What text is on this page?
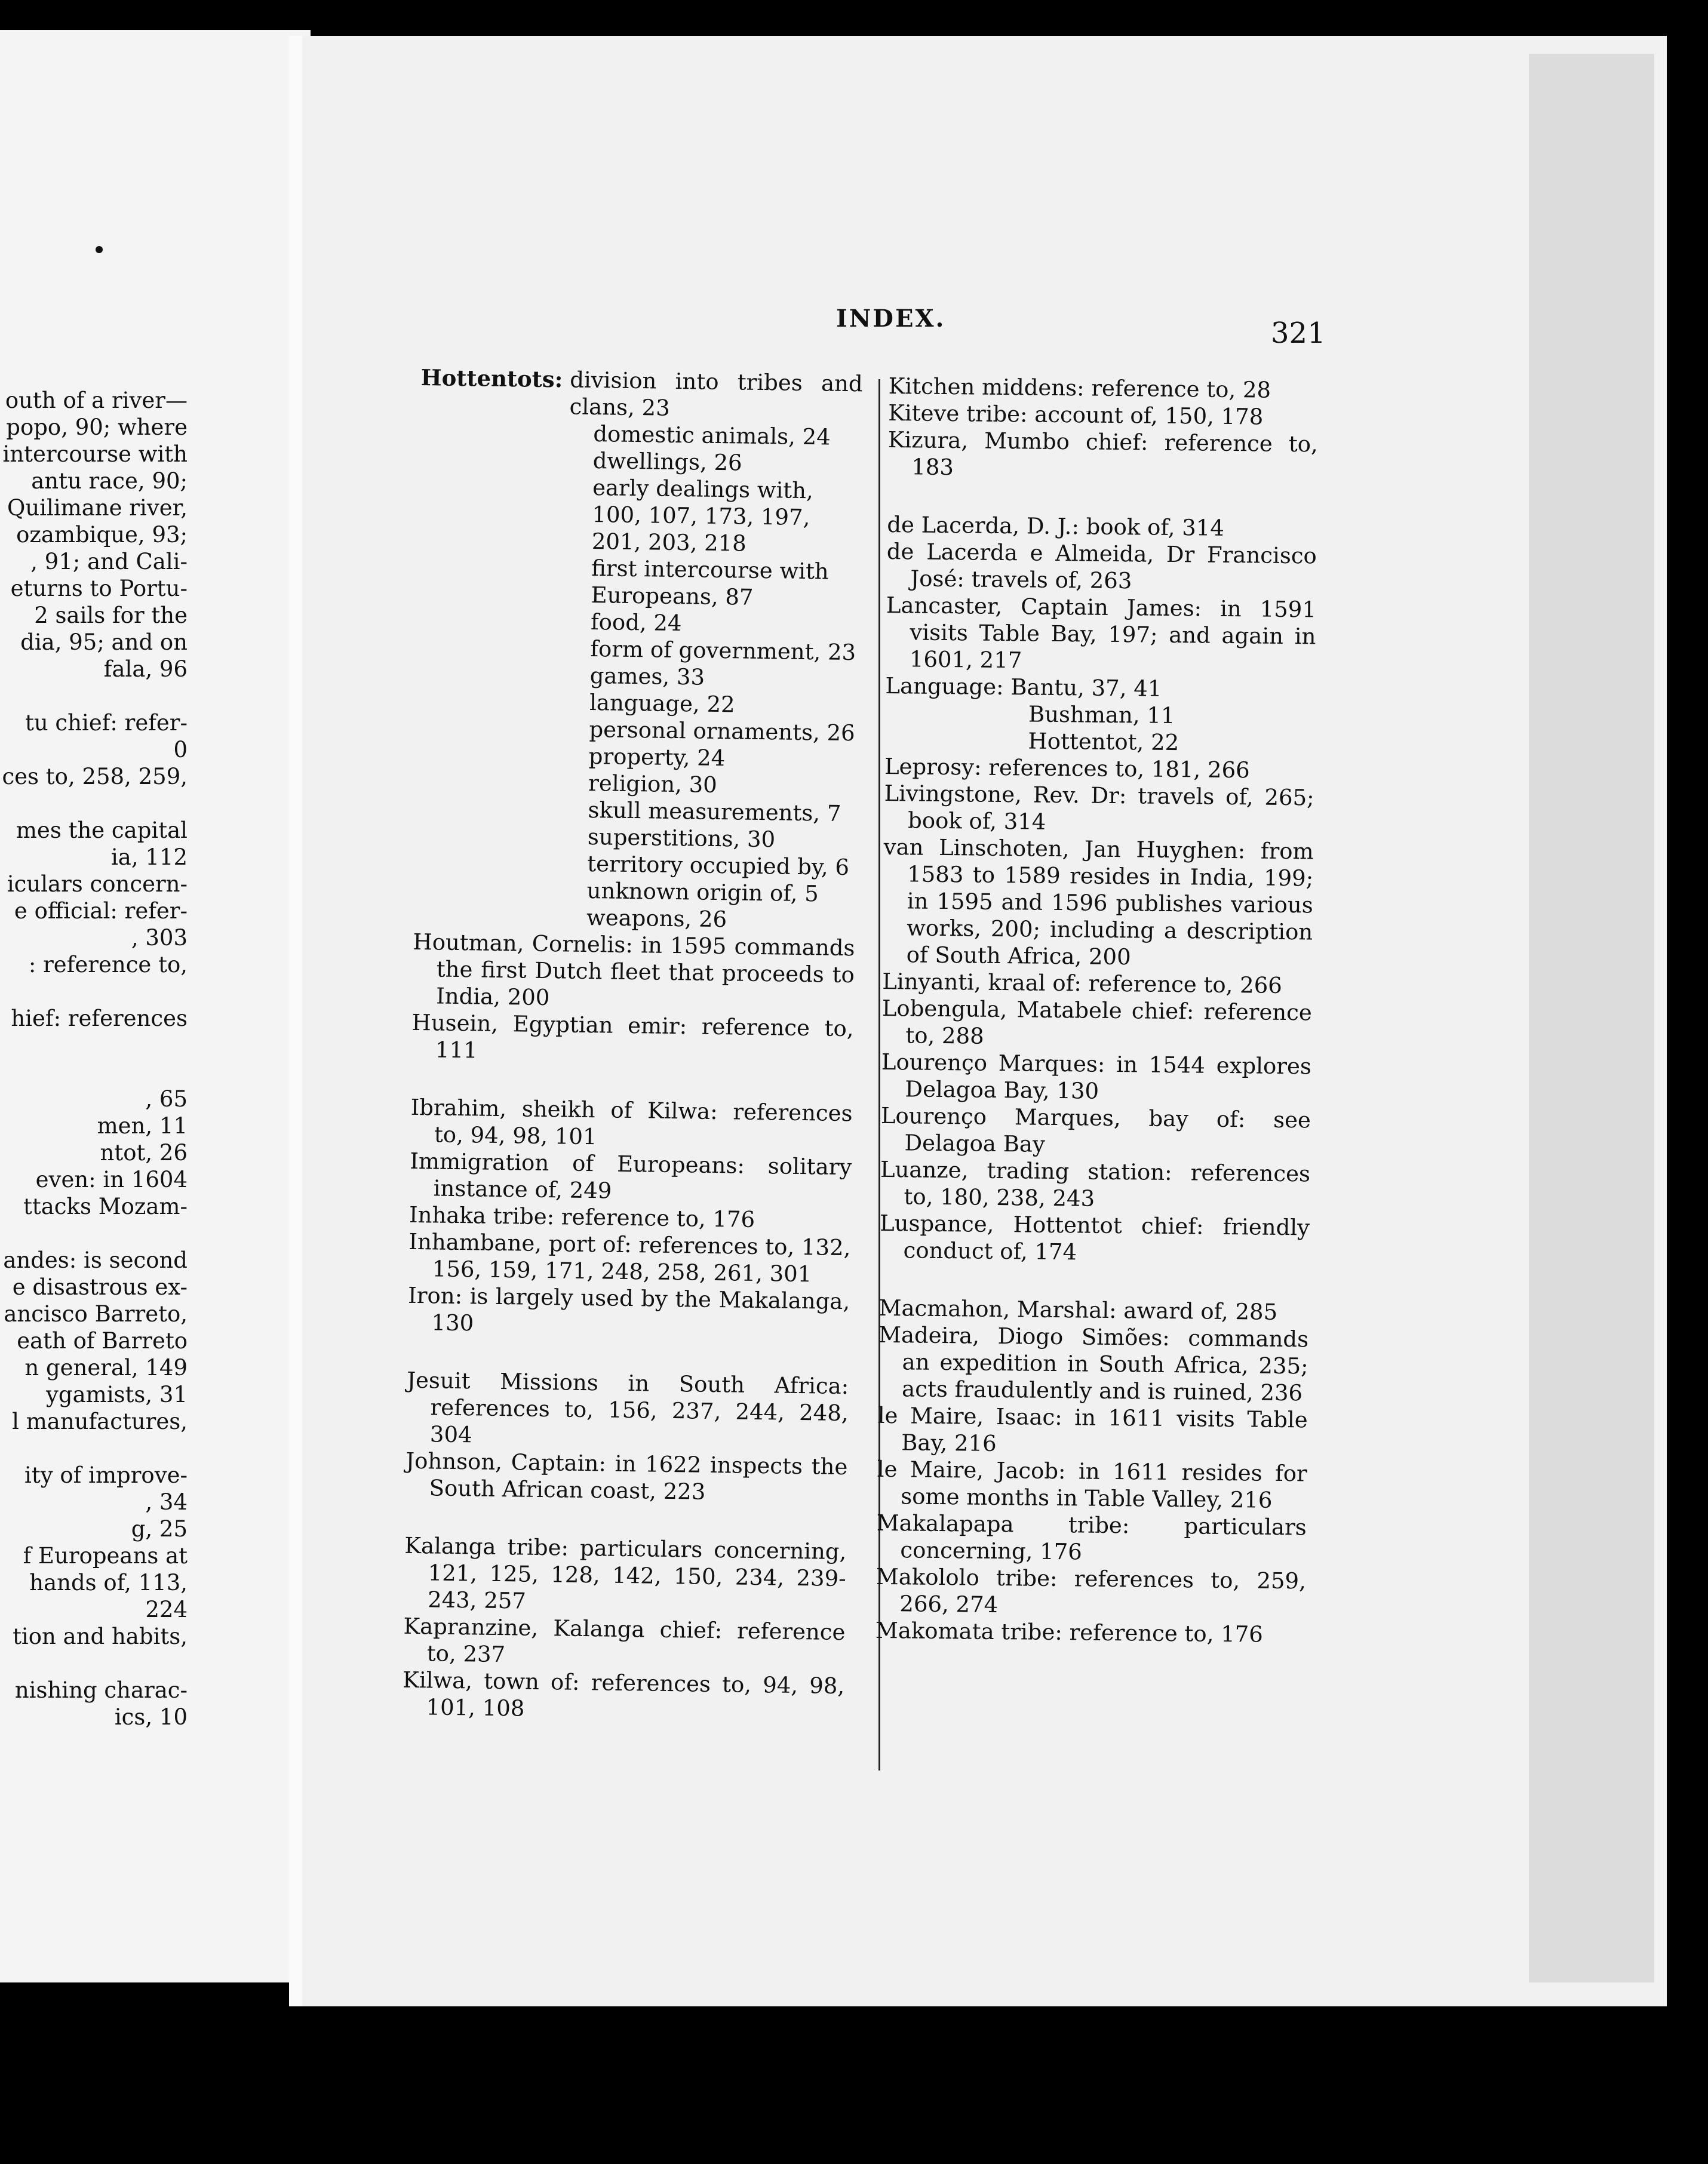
outh of a river—
popo, 90; where
intercourse with
antu race, 90;
Quilimane river,
ozambique, 93;
, 91; and Cali-
eturns to Portu-
2 sails for the
dia, 95; and on
fala, 96
tu chief: refer-
0
ces to, 258, 259,
mes the capital
ia, 112
iculars concern-
e official: refer-
, 303
: reference to,
hief: references
, 65
men, 11
ntot, 26
even: in 1604
ttacks Mozam-
andes: is second
e disastrous ex-
ancisco Barreto,
eath of Barreto
n general, 149
ygamists, 31
l manufactures,
ity of improve-
, 34
g, 25
f Europeans at
hands of, 113,
224
tion and habits,
nishing charac-
ics, 10
INDEX.	321
Hottentots: division into tribes and clans, 23
domestic animals, 24
dwellings, 26
early dealings with,
100, 107, 173, 197,
201, 203, 218
first intercourse with
Europeans, 87
food, 24
form of government, 23
games, 33
language, 22
personal ornaments, 26
property, 24
religion, 30
skull measurements, 7
superstitions, 30
territory occupied by, 6
unknown origin of, 5
weapons, 26
Houtman, Cornelis: in 1595 commands the first Dutch fleet that proceeds to India, 200
Husein, Egyptian emir: reference to, 111
Ibrahim, sheikh of Kilwa: references to, 94, 98, 101
Immigration of Europeans: solitary instance of, 249
Inhaka tribe: reference to, 176
Inhambane, port of: references to, 132, 156, 159, 171, 248, 258, 261, 301
Iron: is largely used by the Makalanga, 130
Jesuit Missions in South Africa: references to, 156, 237, 244, 248, 304
Johnson, Captain: in 1622 inspects the South African coast, 223
Kalanga tribe: particulars concerning, 121, 125, 128, 142, 150, 234, 239-243, 257
Kapranzine, Kalanga chief: reference to, 237
Kilwa, town of: references to, 94, 98, 101, 108
Kitchen middens: reference to, 28
Kiteve tribe: account of, 150, 178
Kizura, Mumbo chief: reference to, 183
de Lacerda, D. J.: book of, 314
de Lacerda e Almeida, Dr Francisco José: travels of, 263
Lancaster, Captain James: in 1591 visits Table Bay, 197; and again in 1601, 217
Language: Bantu, 37, 41
Bushman, 11
Hottentot, 22
Leprosy: references to, 181, 266
Livingstone, Rev. Dr: travels of, 265; book of, 314
van Linschoten, Jan Huyghen: from 1583 to 1589 resides in India, 199; in 1595 and 1596 publishes various works, 200; including a description of South Africa, 200
Linyanti, kraal of: reference to, 266
Lobengula, Matabele chief: reference to, 288
Lourenço Marques: in 1544 explores Delagoa Bay, 130
Lourenço Marques, bay of: see Delagoa Bay
Luanze, trading station: references to, 180, 238, 243
Luspance, Hottentot chief: friendly conduct of, 174
Macmahon, Marshal: award of, 285
Madeira, Diogo Simões: commands an expedition in South Africa, 235; acts fraudulently and is ruined, 236
le Maire, Isaac: in 1611 visits Table Bay, 216
le Maire, Jacob: in 1611 resides for some months in Table Valley, 216
Makalapapa tribe: particulars concerning, 176
Makololo tribe: references to, 259, 266, 274
Makomata tribe: reference to, 176
